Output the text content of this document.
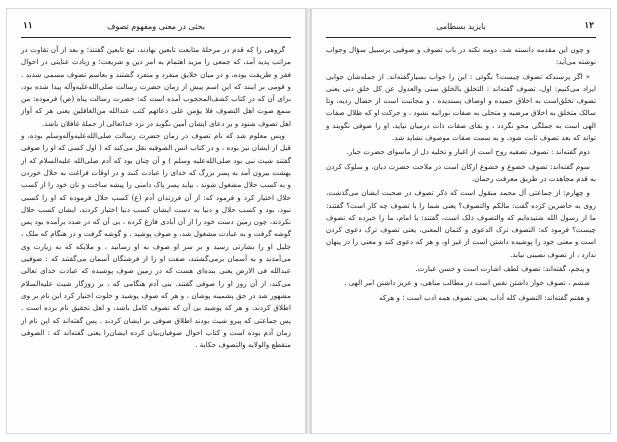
بحثی در معنی ومفهوم تصوف
۱۱

گروهی را که قدم در مرحلهٔ متابعت تابعین نهادند، تبع تابعین گفتند؛ و بعد از آن تقاوت در مراتب پدید آمد، که جمعی را مزید اهتمام به امر دین و شریعت؛ و زیادت عنایتی در احوال فقر و طریقت بوده، و در میان خلایق منفرد و متفرد گشتند و بعاسم تصوف مسمی شدند . و قومی بر اینند که این اسم پیش از زمان حضرت رسالت صلی‌الله‌علیه‌وآله پیدا شده بود، برای آن که در کتاب کشف‌المحجوب آمده است که: حضرت رسالت پناه (ص) فرموده: من سمع صوت اهل التصوف فلا یؤمن علی دعائهم کتب عندالله من‌الغافلین یعنی هر که آواز اهل تصوف شنود و بر دعای ایشان آمین نگوید در نزد خداتعالی از جملهٔ غافلان باشد.

وپس معلوم شد که نام تصوف در زمان حضرت رسالت صلی‌الله‌علیه‌وآله‌وسلم بوده، و قبل از ایشان نیز بوده ، و در کتاب انس الصوفیه نقل می‌کند که ( اول کسی که او را صوفی گفتند شیث نبی بود صلی‌الله‌علیه وسلم ) و آن چنان بود که آدم صلی‌الله علیه‌السلام که از بهشت بیرون آمد به پسر بزرگ که خدای را عبادت کنند و در اوقات فراغت به حلال خوردن و به کسب حلال مشغول شوند . بپاید پسر پاک دامنی را پیشه ساخت و نان خود را از کسب حلال اختیار کرد و فرمود که: از آن فرزندان آدم (ع) کسب حلال فرموده که او را کسبی نبود، بود و کسب حلال و دنیا به دست ایشان کسب دنیا اختیار کردند، ایشان کسب حلال نکردند، چون زمین دست خود را از آن آبادی فارغ کرده ، بی آن که در صدد برآمده بود پس گوشه گرفت و به عبادت مشغول شد، و صوف پوشید ، و گوشه گرفت و در هنگام که ملک ، جلیل او را بشارتی رسید و بر سر او صوف به او رسانید ، و ملایکه که به زیارت وی می‌آمدند و به آسمان برمی‌گشتند، صفت او را از فرشتگان آسمان می‌گفتند که : صوفیی عبدالله فی الارض یعنی بنده‌ای هست که در زمین صوف پوشیده که عبادت خدای تعالی می‌کند، از آن روز او را صوفی گفتند. بنی آدم هنگامی که ، بر روزگار شیث علیه‌السلام مشهور شد در حق پشمینه پوشان ، و هر که صوف پوشید و خلوت اختیار کرد این نام بر وی اطلاق کردند، و هر که پوشید بی آن که تصوف کامل باشد، و اهل تحقیق نام برده است . پس جماعتی که پیرو شیث بودند اطلاق صوفی بر ایشان کردند . پس گفته‌اند که این نام از زمان آدم بوده است و کتاب احوال صوفیان‌بیان کرده ایشان‌را یعنی گفته‌اند که : الصوفی منقطع والولایه والتصوف حکایة .

بایزید بسطامی	۱۲

و چون این مقدمه دانسته شد، دومه نکته در باب تصوف و صوفیی برسبیل سؤال وجواب نوشته می‌آید:

« اگر پرسندکه تصوف چیست؟ بگوئی : این را جواب بسیارگفته‌اند. از جمله‌شان جوابی ایراد می‌کنیم: اول، تصوف گفته‌اند : التخلق بالخلق سنی والعدول عن کل خلق دنی یعنی تصوف تخلق‌است به اخلاق حمیده و اوصاف پسندیده ، و مجانبت است از خصال ردیه، وتا سالک متخلق به اخلاق مرضیه و متحلی به صفات نورانیه نشود ، و حرکت او که ظلال صفات الهی است به جملگی محو نگردد ، و بقای صفات ذات درمیان نیاید، او را صوفی نگویند و تواند که بعد تصوف ثابت شود، و به سمت صفات موصوف نشاید شد.

دوم گفته‌اند : تصوف تصفیه روح است از اغیار و تخلیه دل از ماسوای حضرت جبار.

سوم گفته‌اند: تصوف خضوع و خشوع ارکان است در ملاحت حضرت دیان، و سلوک کردن به قدم مجاهدت در طریق معرفت رحمان.

و چهارم: از جماعتی آل محمد منقول است که ذکر تصوف در صحبت ایشان می‌گذشت، روی به حاضرین کرده گفت: مالکم والتصوف؟ یعنی شما را با تصوف چه کار است؟ گفتند: ما از رسول الله شنیده‌ایم که والتصوف ذلک است، گفتند: یا امام، ما را خبرده که تصوف چیست؟ فرمود که: التصوف ترک الدعوی و کتمان المعنی، یعنی تصوف ترک دعوی کردن است و معنی خود را پوشیده داشتن است از غیر او، و هر که دعوی کند و معنی را در پنهان ندارد ، از تصوف نصیبی نیابد.

و پنجم، گفته‌اند: تصوف لطف اشارت است و حسن عبارت.

ششم ، تصوف خوار داشتن نفس است در مطالب مناهی، و عزیز داشتن امر الهی .

و هفتم گفته‌اند: التصوف کله آداب یعنی تصوف همه ادب است ؛ و هرکه
